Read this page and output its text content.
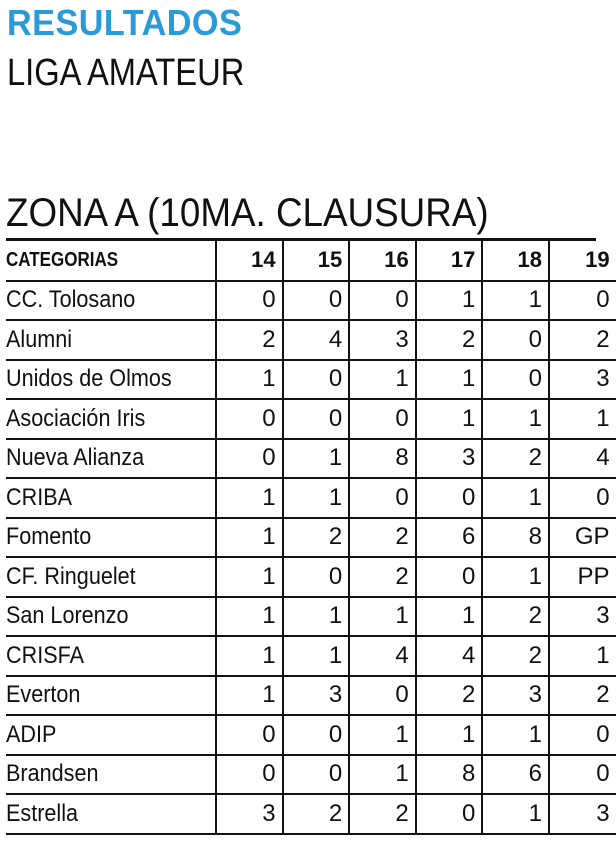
RESULTADOS
LIGA AMATEUR
ZONA A (10MA. CLAUSURA)
CATEGORIAS	14	15	16	17	18	19
CC. Tolosano	0	0	0	1	1	0
Alumni	2	4	3	2	0	2
Unidos de Olmos	1	0	1	1	0	3
Asociación Iris	0	0	0	1	1	1
Nueva Alianza	0	1	8	3	2	4
CRIBA	1	1	0	0	1	0
Fomento	1	2	2	6	8	GP
CF. Ringuelet	1	0	2	0	1	PP
San Lorenzo	1	1	1	1	2	3
CRISFA	1	1	4	4	2	1
Everton	1	3	0	2	3	2
ADIP	0	0	1	1	1	0
Brandsen	0	0	1	8	6	0
Estrella	3	2	2	0	1	3
